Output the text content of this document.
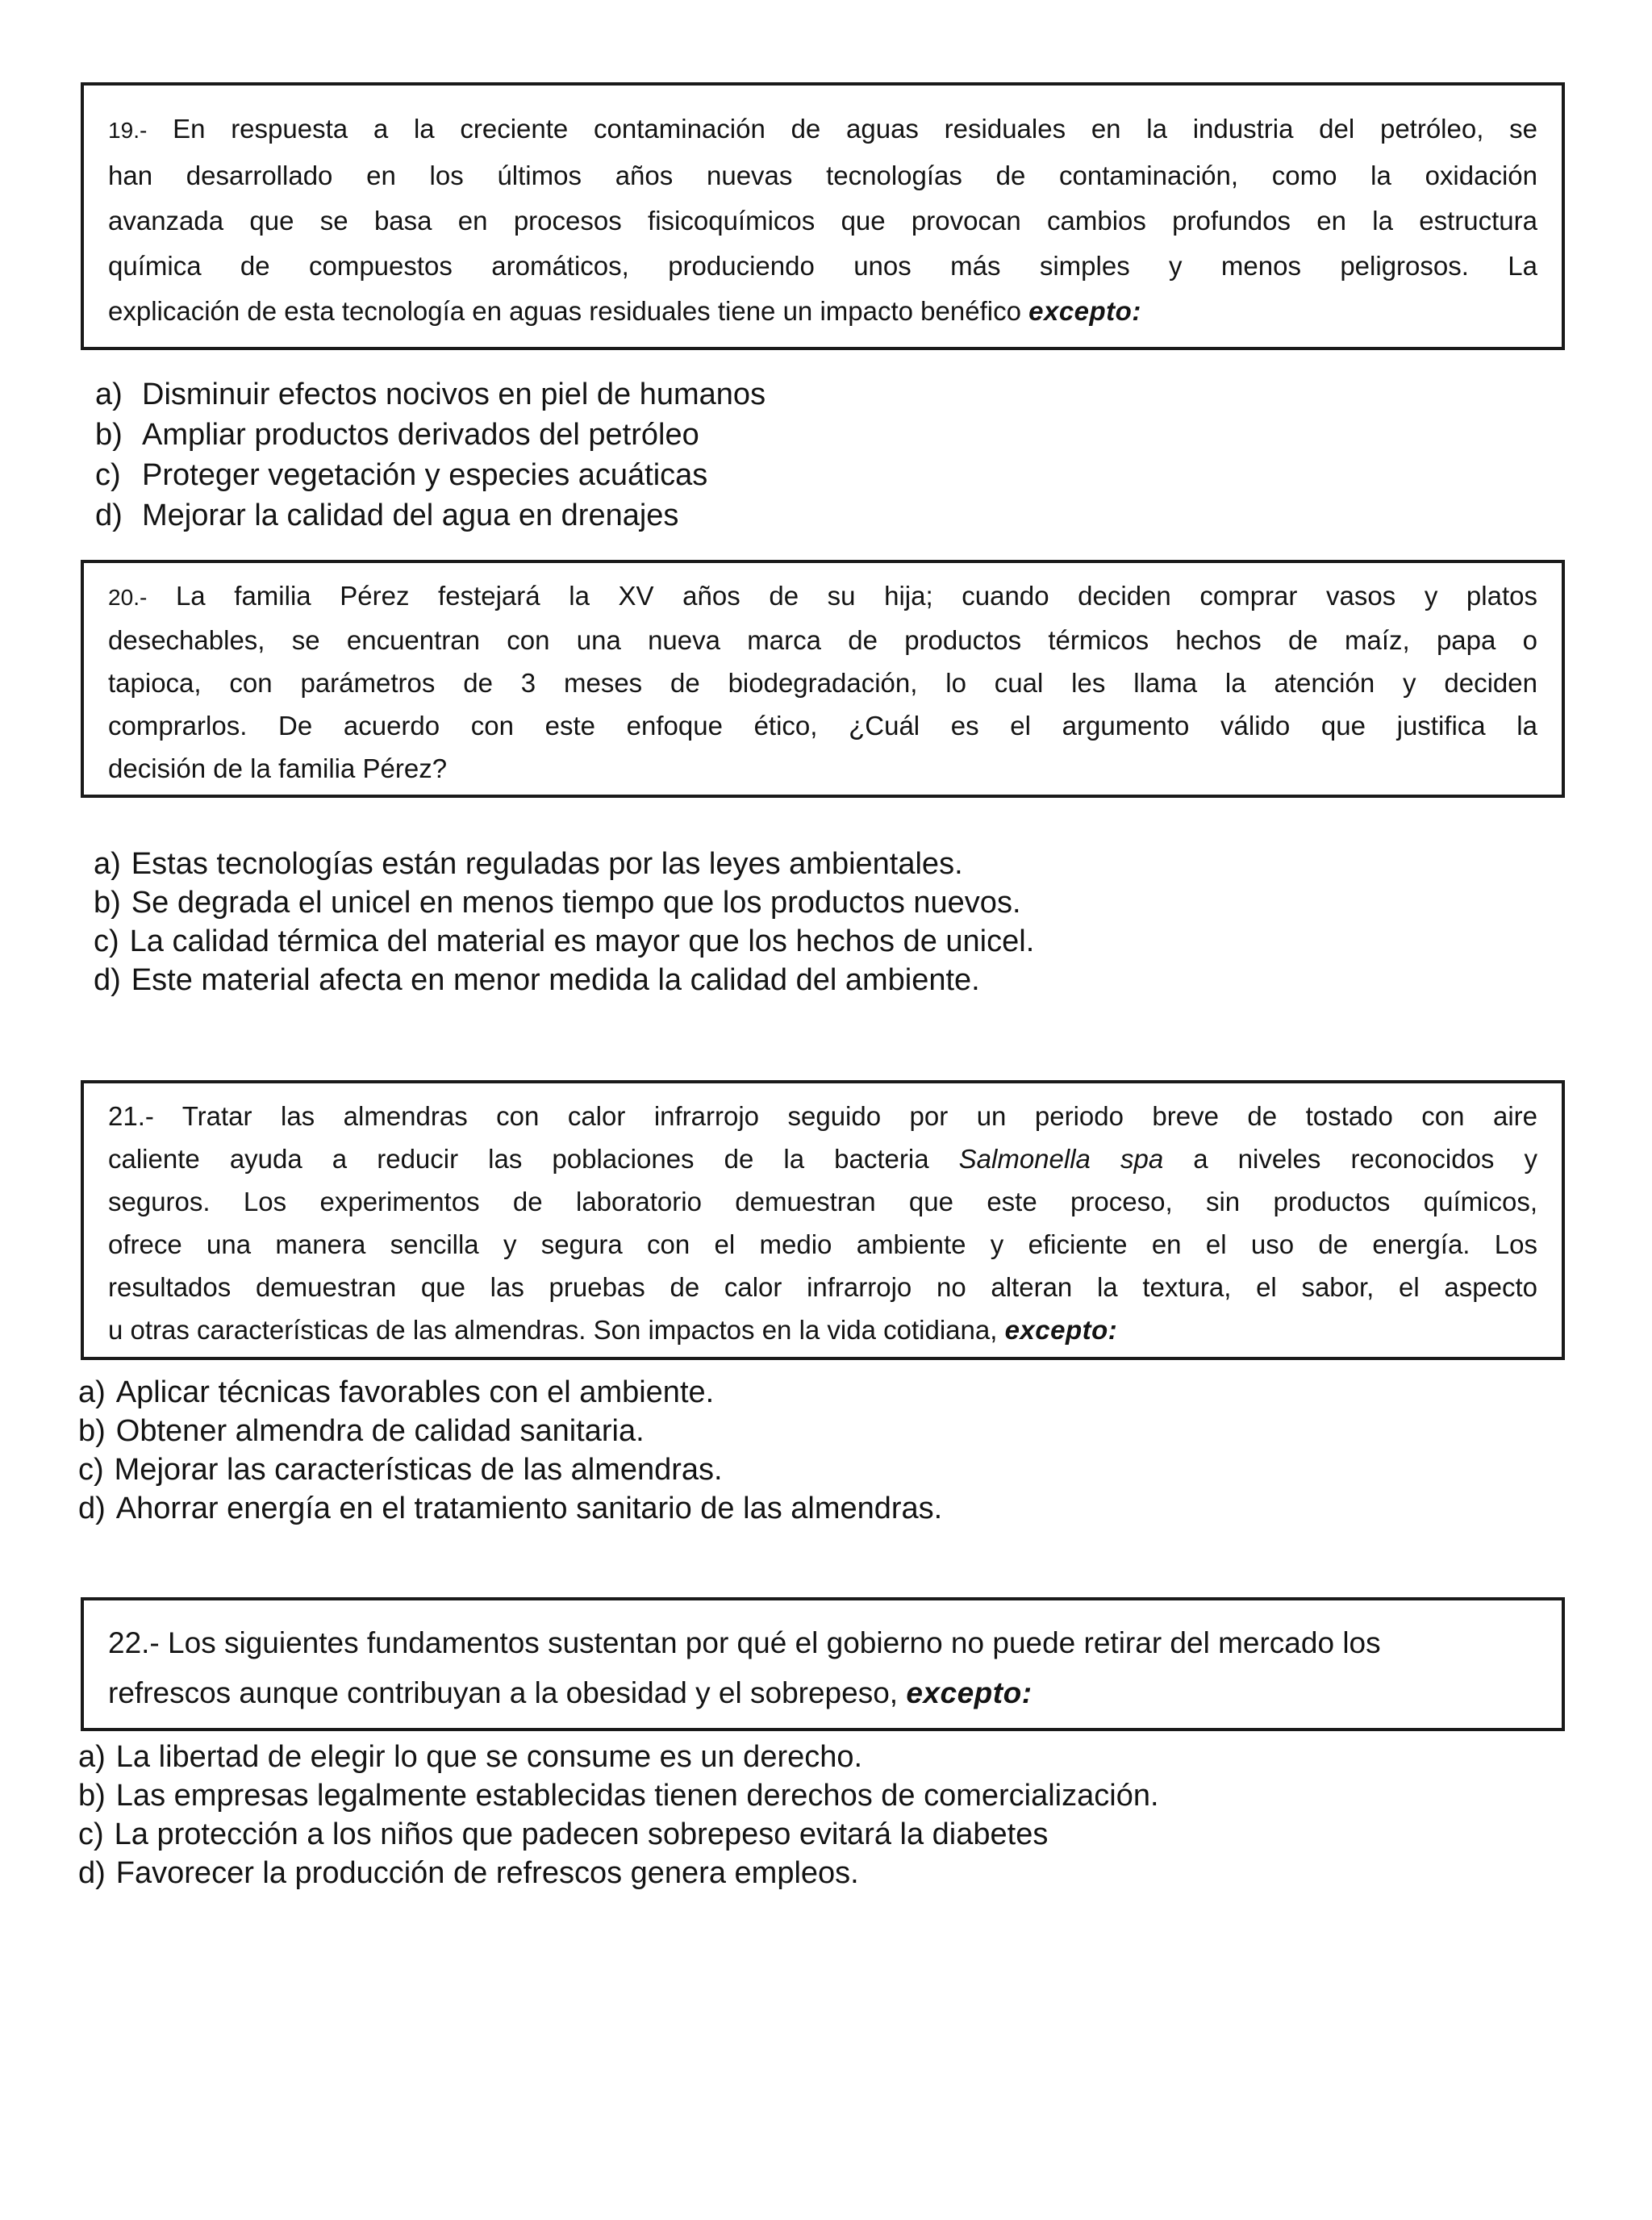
19.- En respuesta a la creciente contaminación de aguas residuales en la industria del petróleo, se
han desarrollado en los últimos años nuevas tecnologías de contaminación, como la oxidación
avanzada que se basa en procesos fisicoquímicos que provocan cambios profundos en la estructura
química de compuestos aromáticos, produciendo unos más simples y menos peligrosos. La
explicación de esta tecnología en aguas residuales tiene un impacto benéfico excepto:
a) Disminuir efectos nocivos en piel de humanos
b) Ampliar productos derivados del petróleo
c) Proteger vegetación y especies acuáticas
d) Mejorar la calidad del agua en drenajes
20.- La familia Pérez festejará la XV años de su hija; cuando deciden comprar vasos y platos
desechables, se encuentran con una nueva marca de productos térmicos hechos de maíz, papa o
tapioca, con parámetros de 3 meses de biodegradación, lo cual les llama la atención y deciden
comprarlos. De acuerdo con este enfoque ético, ¿Cuál es el argumento válido que justifica la
decisión de la familia Pérez?
a) Estas tecnologías están reguladas por las leyes ambientales.
b) Se degrada el unicel en menos tiempo que los productos nuevos.
c) La calidad térmica del material es mayor que los hechos de unicel.
d) Este material afecta en menor medida la calidad del ambiente.
21.- Tratar las almendras con calor infrarrojo seguido por un periodo breve de tostado con aire
caliente ayuda a reducir las poblaciones de la bacteria Salmonella spa a niveles reconocidos y
seguros. Los experimentos de laboratorio demuestran que este proceso, sin productos químicos,
ofrece una manera sencilla y segura con el medio ambiente y eficiente en el uso de energía. Los
resultados demuestran que las pruebas de calor infrarrojo no alteran la textura, el sabor, el aspecto
u otras características de las almendras. Son impactos en la vida cotidiana, excepto:
a) Aplicar técnicas favorables con el ambiente.
b) Obtener almendra de calidad sanitaria.
c) Mejorar las características de las almendras.
d) Ahorrar energía en el tratamiento sanitario de las almendras.
22.- Los siguientes fundamentos sustentan por qué el gobierno no puede retirar del mercado los
refrescos aunque contribuyan a la obesidad y el sobrepeso, excepto:
a) La libertad de elegir lo que se consume es un derecho.
b) Las empresas legalmente establecidas tienen derechos de comercialización.
c) La protección a los niños que padecen sobrepeso evitará la diabetes
d) Favorecer la producción de refrescos genera empleos.
